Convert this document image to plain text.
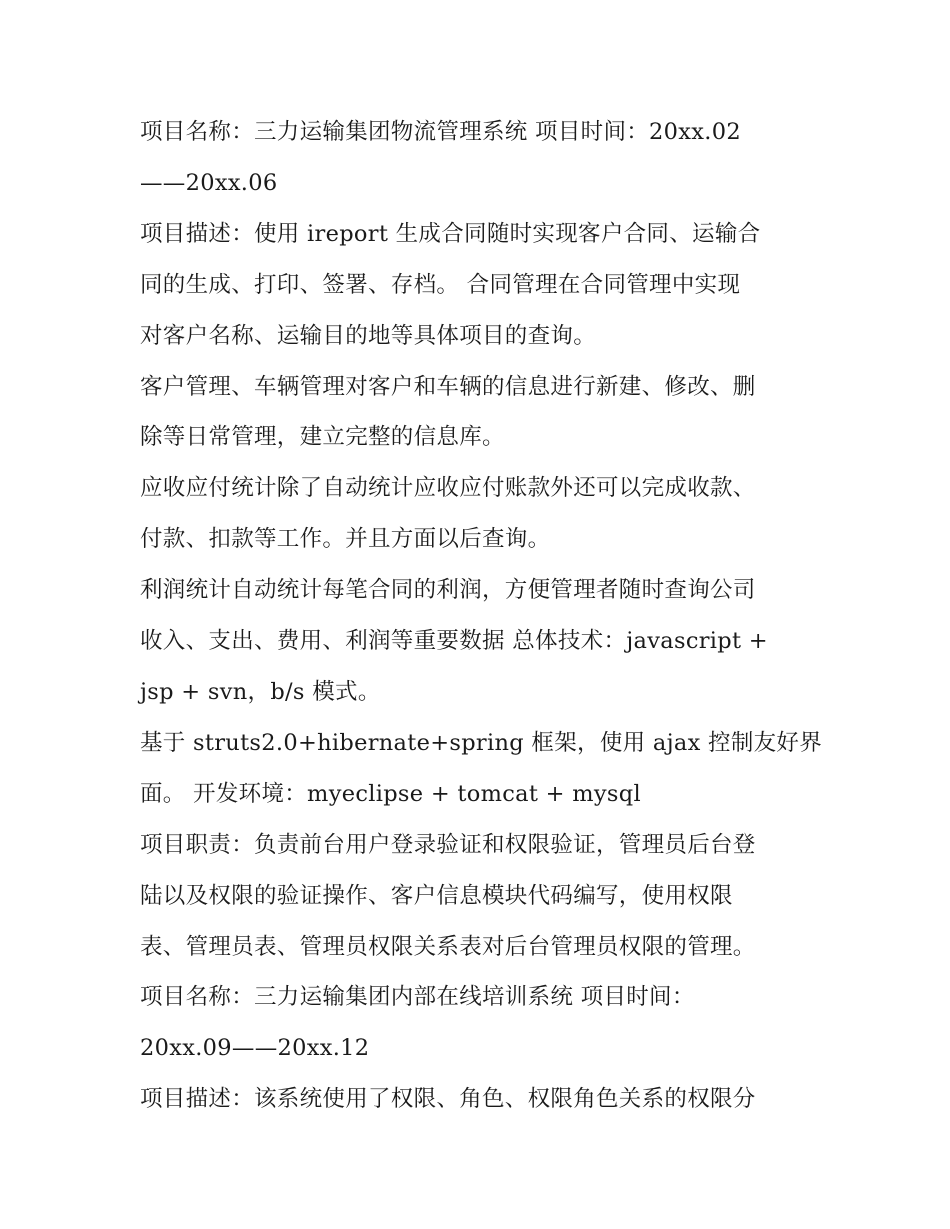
项目名称：三力运输集团物流管理系统 项目时间：20xx.02
——20xx.06
项目描述：使用 ireport 生成合同随时实现客户合同、运输合
同的生成、打印、签署、存档。 合同管理在合同管理中实现
对客户名称、运输目的地等具体项目的查询。
客户管理、车辆管理对客户和车辆的信息进行新建、修改、删
除等日常管理，建立完整的信息库。
应收应付统计除了自动统计应收应付账款外还可以完成收款、
付款、扣款等工作。并且方面以后查询。
利润统计自动统计每笔合同的利润，方便管理者随时查询公司
收入、支出、费用、利润等重要数据 总体技术：javascript +
jsp + svn，b/s 模式。
基于 struts2.0+hibernate+spring 框架，使用 ajax 控制友好界
面。 开发环境：myeclipse + tomcat + mysql
项目职责：负责前台用户登录验证和权限验证，管理员后台登
陆以及权限的验证操作、客户信息模块代码编写，使用权限
表、管理员表、管理员权限关系表对后台管理员权限的管理。
项目名称：三力运输集团内部在线培训系统 项目时间：
20xx.09——20xx.12
项目描述：该系统使用了权限、角色、权限角色关系的权限分
